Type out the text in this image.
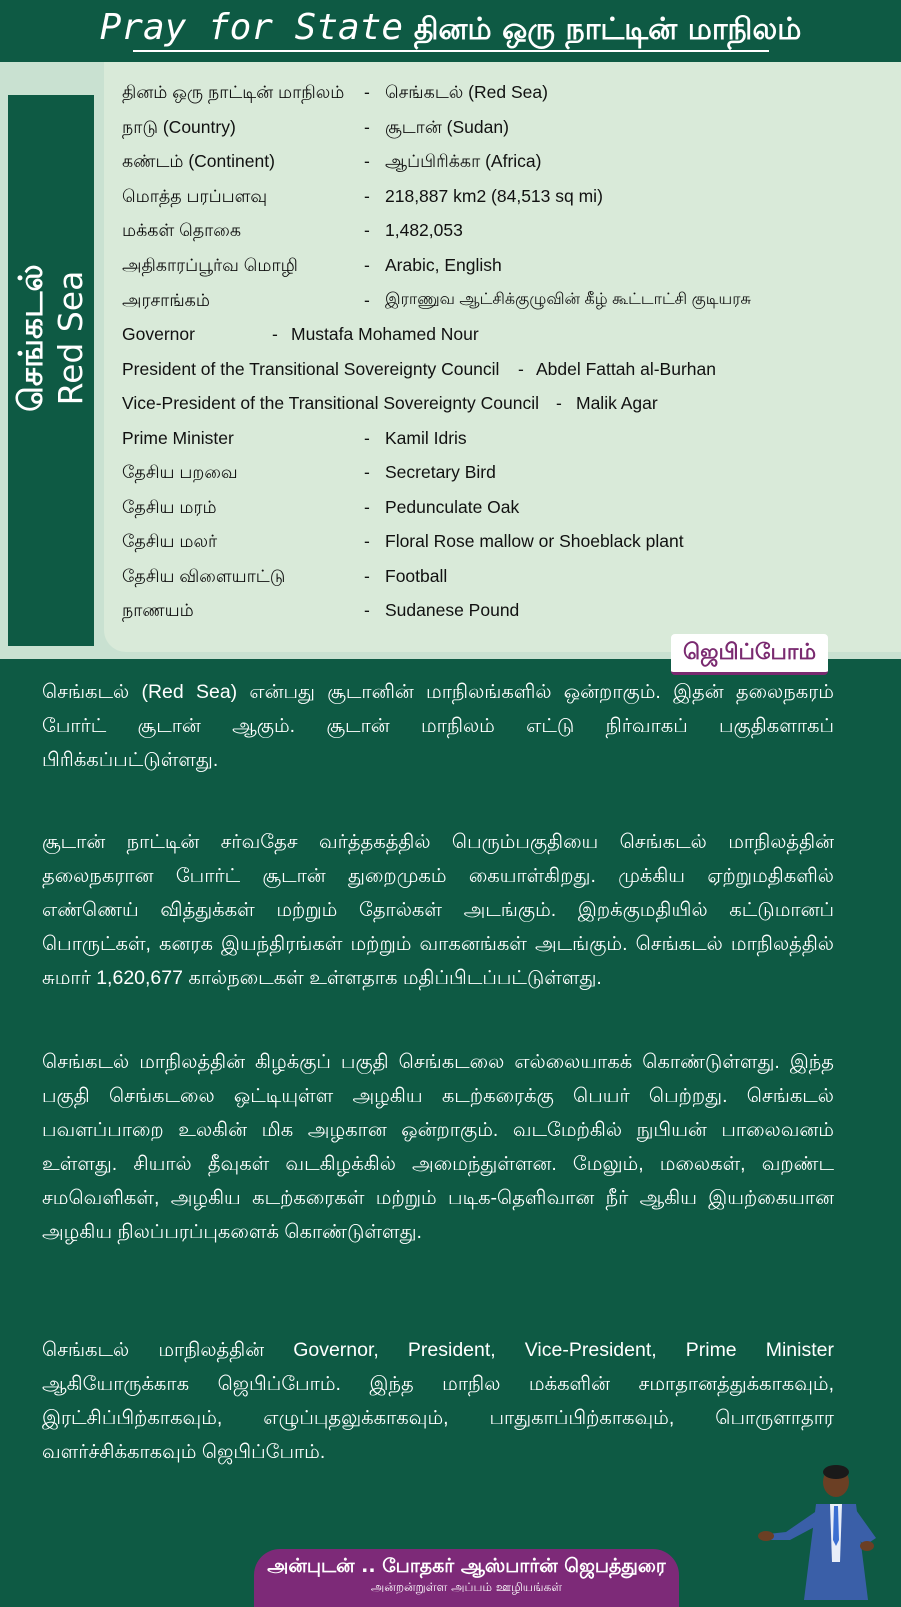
Pray for State தினம் ஒரு நாட்டின் மாநிலம்
செங்கடல் Red Sea
தினம் ஒரு நாட்டின் மாநிலம் - செங்கடல் (Red Sea)
நாடு (Country)	- சூடான் (Sudan)
கண்டம் (Continent)	- ஆப்பிரிக்கா (Africa)
மொத்த பரப்பளவு	- 218,887 km2 (84,513 sq mi)
மக்கள் தொகை	- 1,482,053
அதிகாரப்பூர்வ மொழி	- Arabic, English
அரசாங்கம்	- இராணுவ ஆட்சிக்குழுவின் கீழ் கூட்டாட்சி குடியரசு
Governor	- Mustafa Mohamed Nour
President of the Transitional Sovereignty Council - Abdel Fattah al-Burhan
Vice-President of the Transitional Sovereignty Council - Malik Agar
Prime Minister	- Kamil Idris
தேசிய பறவை	- Secretary Bird
தேசிய மரம்	- Pedunculate Oak
தேசிய மலர்	- Floral Rose mallow or Shoeblack plant
தேசிய விளையாட்டு	- Football
நாணயம்	- Sudanese Pound
ஜெபிப்போம்

செங்கடல் (Red Sea) என்பது சூடானின் மாநிலங்களில் ஒன்றாகும். இதன் தலைநகரம் போர்ட் சூடான் ஆகும். சூடான் மாநிலம் எட்டு நிர்வாகப் பகுதிகளாகப் பிரிக்கப்பட்டுள்ளது.

சூடான் நாட்டின் சர்வதேச வர்த்தகத்தில் பெரும்பகுதியை செங்கடல் மாநிலத்தின் தலைநகரான போர்ட் சூடான் துறைமுகம் கையாள்கிறது. முக்கிய ஏற்றுமதிகளில் எண்ணெய் வித்துக்கள் மற்றும் தோல்கள் அடங்கும். இறக்குமதியில் கட்டுமானப் பொருட்கள், கனரக இயந்திரங்கள் மற்றும் வாகனங்கள் அடங்கும். செங்கடல் மாநிலத்தில் சுமார் 1,620,677 கால்நடைகள் உள்ளதாக மதிப்பிடப்பட்டுள்ளது.

செங்கடல் மாநிலத்தின் கிழக்குப் பகுதி செங்கடலை எல்லையாகக் கொண்டுள்ளது. இந்த பகுதி செங்கடலை ஒட்டியுள்ள அழகிய கடற்கரைக்கு பெயர் பெற்றது. செங்கடல் பவளப்பாறை உலகின் மிக அழகான ஒன்றாகும். வடமேற்கில் நுபியன் பாலைவனம் உள்ளது. சியால் தீவுகள் வடகிழக்கில் அமைந்துள்ளன. மேலும், மலைகள், வறண்ட சமவெளிகள், அழகிய கடற்கரைகள் மற்றும் படிக-தெளிவான நீர் ஆகிய இயற்கையான அழகிய நிலப்பரப்புகளைக் கொண்டுள்ளது.

செங்கடல் மாநிலத்தின் Governor, President, Vice-President, Prime Minister ஆகியோருக்காக ஜெபிப்போம். இந்த மாநில மக்களின் சமாதானத்துக்காகவும், இரட்சிப்பிற்காகவும், எழுப்புதலுக்காகவும், பாதுகாப்பிற்காகவும், பொருளாதார வளர்ச்சிக்காகவும் ஜெபிப்போம்.

அன்புடன் .. போதகர் ஆஸ்பார்ன் ஜெபத்துரை
அன்றன்றுள்ள அப்பம் ஊழியங்கள்
